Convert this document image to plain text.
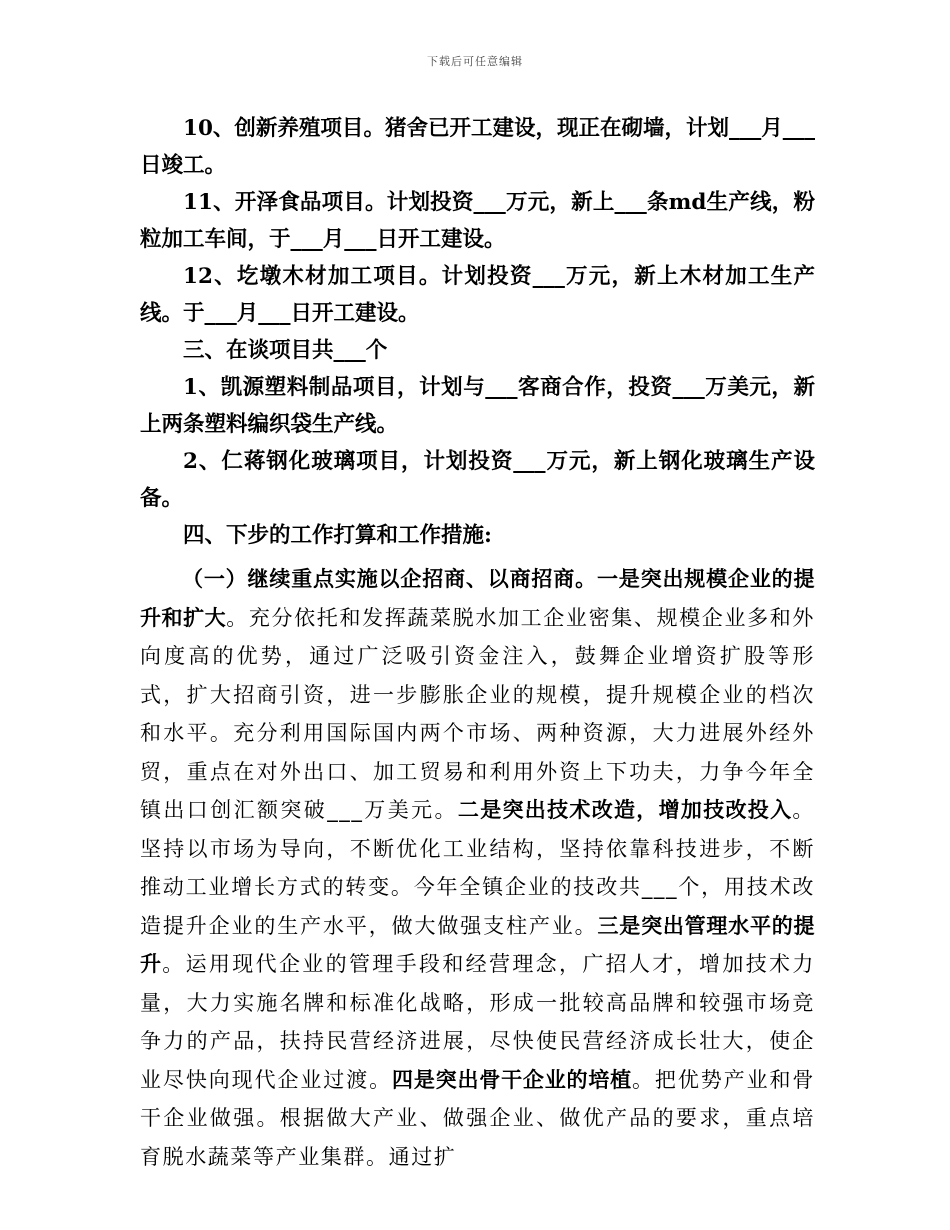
下载后可任意编辑

10、创新养殖项目。猪舍已开工建设，现正在砌墙，计划___月___日竣工。

11、开泽食品项目。计划投资___万元，新上___条md生产线，粉粒加工车间，于___月___日开工建设。

12、圪墩木材加工项目。计划投资___万元，新上木材加工生产线。于___月___日开工建设。

三、在谈项目共___个

1、凯源塑料制品项目，计划与___客商合作，投资___万美元，新上两条塑料编织袋生产线。

2、仁蒋钢化玻璃项目，计划投资___万元，新上钢化玻璃生产设备。

四、下步的工作打算和工作措施:

（一）继续重点实施以企招商、以商招商。一是突出规模企业的提升和扩大。充分依托和发挥蔬菜脱水加工企业密集、规模企业多和外向度高的优势，通过广泛吸引资金注入，鼓舞企业增资扩股等形式，扩大招商引资，进一步膨胀企业的规模，提升规模企业的档次和水平。充分利用国际国内两个市场、两种资源，大力进展外经外贸，重点在对外出口、加工贸易和利用外资上下功夫，力争今年全镇出口创汇额突破___万美元。二是突出技术改造，增加技改投入。坚持以市场为导向，不断优化工业结构，坚持依靠科技进步，不断推动工业增长方式的转变。今年全镇企业的技改共___个，用技术改造提升企业的生产水平，做大做强支柱产业。三是突出管理水平的提升。运用现代企业的管理手段和经营理念，广招人才，增加技术力量，大力实施名牌和标准化战略，形成一批较高品牌和较强市场竞争力的产品，扶持民营经济进展，尽快使民营经济成长壮大，使企业尽快向现代企业过渡。四是突出骨干企业的培植。把优势产业和骨干企业做强。根据做大产业、做强企业、做优产品的要求，重点培育脱水蔬菜等产业集群。通过扩
